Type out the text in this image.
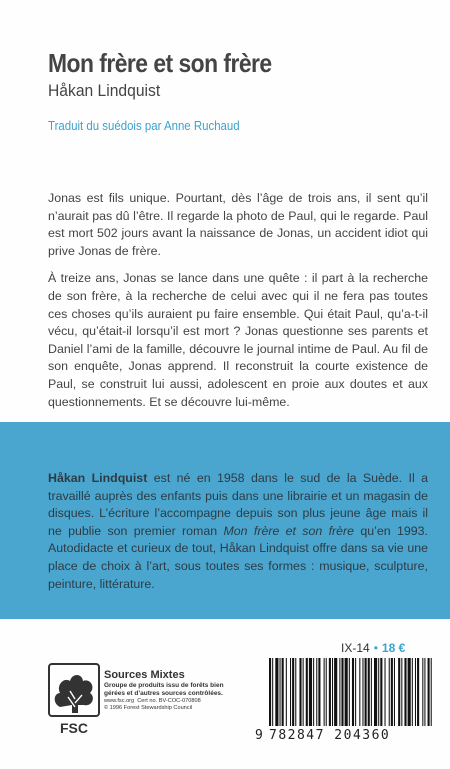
Mon frère et son frère
Håkan Lindquist
Traduit du suédois par Anne Ruchaud

Jonas est fils unique. Pourtant, dès l’âge de trois ans, il sent qu’il n’aurait pas dû l’être. Il regarde la photo de Paul, qui le regarde. Paul est mort 502 jours avant la naissance de Jonas, un accident idiot qui prive Jonas de frère.

À treize ans, Jonas se lance dans une quête : il part à la recherche de son frère, à la recherche de celui avec qui il ne fera pas toutes ces choses qu’ils auraient pu faire ensemble. Qui était Paul, qu’a-t-il vécu, qu’était-il lorsqu’il est mort ? Jonas questionne ses parents et Daniel l’ami de la famille, découvre le journal intime de Paul. Au fil de son enquête, Jonas apprend. Il reconstruit la courte existence de Paul, se construit lui aussi, adolescent en proie aux doutes et aux questionnements. Et se découvre lui-même.

Håkan Lindquist est né en 1958 dans le sud de la Suède. Il a travaillé auprès des enfants puis dans une librairie et un magasin de disques. L’écriture l’accompagne depuis son plus jeune âge mais il ne publie son premier roman Mon frère et son frère qu’en 1993. Autodidacte et curieux de tout, Håkan Lindquist offre dans sa vie une place de choix à l’art, sous toutes ses formes : musique, sculpture, peinture, littérature.
IX-14 • 18 €
FSC
Sources Mixtes
Groupe de produits issu de forêts bien gérées et d’autres sources contrôlées.
www.fsc.org Cert no. BV-COC-070808
© 1996 Forest Stewardship Council
9 782847 204360
